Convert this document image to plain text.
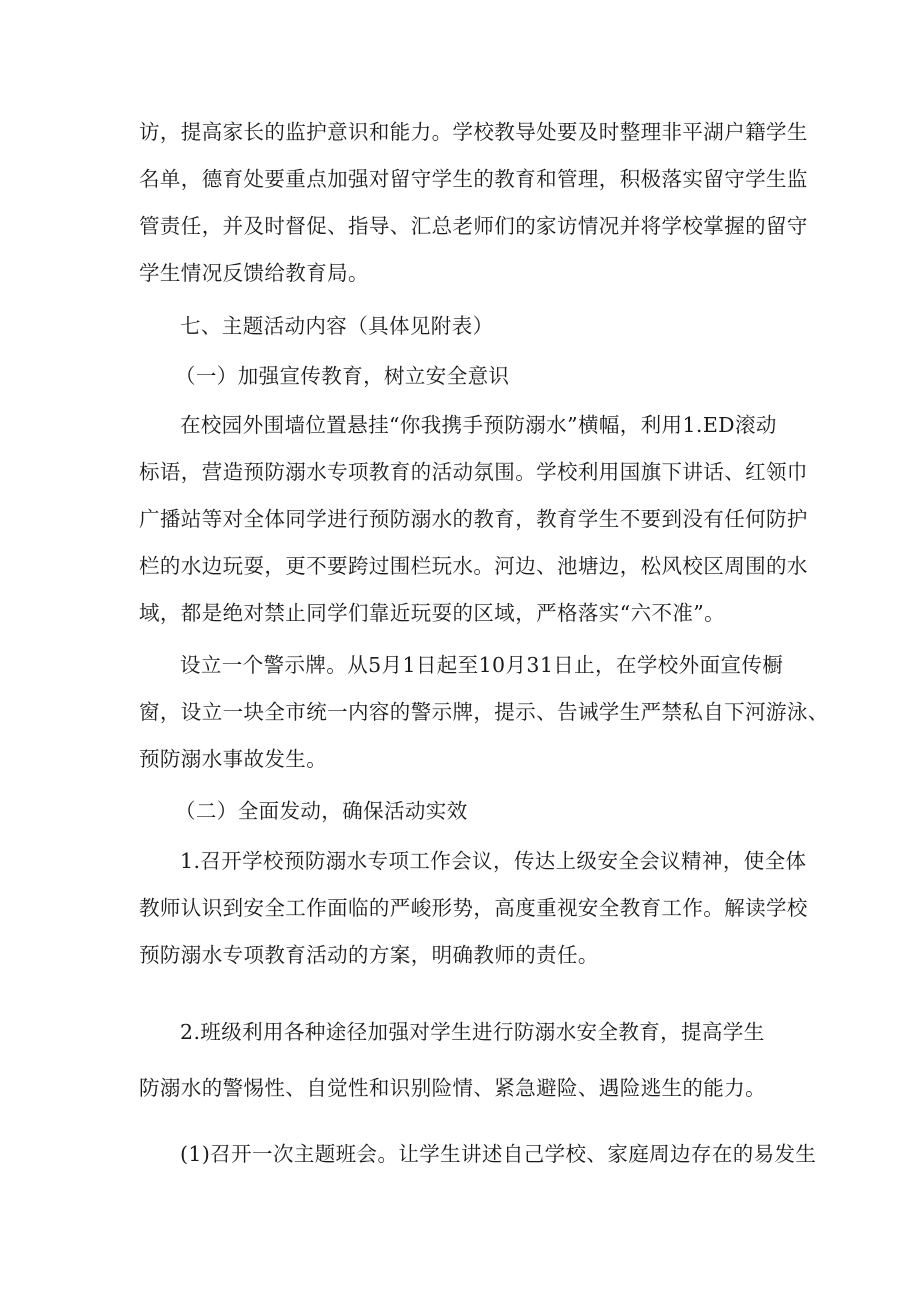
访，提高家长的监护意识和能力。学校教导处要及时整理非平湖户籍学生
名单，德育处要重点加强对留守学生的教育和管理，积极落实留守学生监
管责任，并及时督促、指导、汇总老师们的家访情况并将学校掌握的留守
学生情况反馈给教育局。
七、主题活动内容（具体见附表）
（一）加强宣传教育，树立安全意识
在校园外围墙位置悬挂“你我携手预防溺水”横幅，利用1.ED滚动
标语，营造预防溺水专项教育的活动氛围。学校利用国旗下讲话、红领巾
广播站等对全体同学进行预防溺水的教育，教育学生不要到没有任何防护
栏的水边玩耍，更不要跨过围栏玩水。河边、池塘边，松风校区周围的水
域，都是绝对禁止同学们靠近玩耍的区域，严格落实“六不准”。
设立一个警示牌。从5月1日起至10月31日止，在学校外面宣传橱
窗，设立一块全市统一内容的警示牌，提示、告诫学生严禁私自下河游泳、
预防溺水事故发生。
（二）全面发动，确保活动实效
1.召开学校预防溺水专项工作会议，传达上级安全会议精神，使全体
教师认识到安全工作面临的严峻形势，高度重视安全教育工作。解读学校
预防溺水专项教育活动的方案，明确教师的责任。
2.班级利用各种途径加强对学生进行防溺水安全教育，提高学生
防溺水的警惕性、自觉性和识别险情、紧急避险、遇险逃生的能力。
(1)召开一次主题班会。让学生讲述自己学校、家庭周边存在的易发生
